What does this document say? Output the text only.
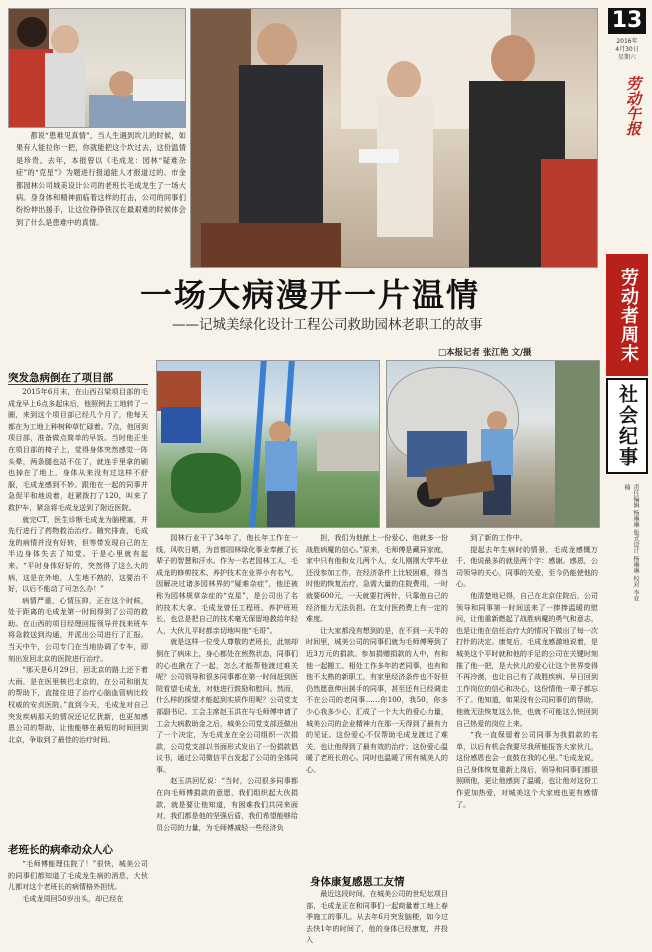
都说“患难见真情”，当人生遇到坎儿的时候，如果有人能拉你一把，你就能把这个坎过去，这份温情是珍贵。去年，本报曾以《毛成龙：园林“疑难杂症”的“克星”》为题进行报道能人才报道过的、市金都园林公司城美设计公司的老班长毛成龙生了一场大病。身身体和精神面临着这样的打击，公司的同事们纷纷伸出援手，让这位铮铮铁汉在最艰难的时候体会到了什么是患难中的真情。

13
2016年
4月30日
星期六
劳动午报
劳动者周末
社会纪事
责任编辑 杨琳琳 版式设计 杨琳琳 校对 李亚楠
一场大病漫开一片温情
——记城美绿化设计工程公司救助园林老职工的故事
□本报记者 张江艳 文/摄
突发急病倒在了项目部

2015年6月末，在山西召梁项目部的毛成龙早上6点多起床后，他照例去工地转了一圈，来到这个项目部已经几个月了，他每天都在为工地上种树种草忙碌着。7点，他回到项目部，准备做点简单的早饭。当时他正坐在项目部的椅子上，觉得身体突然感觉一阵头晕，两条腿也站不住了，就连手里拿的刷也掉在了地上，身体从来没有过这样不舒服，毛成龙感到不妙。跟他在一起的同事并急促平和地说着，赶紧拨打了120，叫来了救护车，紧急将毛成龙送到了附近医院。

就完CT，医生诊断毛成龙为脑梗塞，并先行进行了药物救治治疗。随究排查，毛成龙的病情并没有好转，但等带发现自己的左半边身体失去了知觉。于是心里就有起来。“平时身体好好的，突然得了这么大的病，这是在外地，人生地不熟的，这要治不好，以后不能动了可怎么办！”

病情严重，心情压抑，正在这个时候，处于距离的毛成龙第一时间得到了公司的救助。在山西的项目经理回报领导并找来班车将急救送到沟通，并派出公司进行了汇报。当天中午，公司专门在当地协调了专车，即刻出发回北京的医院进行治疗。

“那天是6月29日，回北京的路上还下着大雨，是在医里核巴北京的，在公司和朋友的帮助下，直接住进了治疗心脑血管病比较权威的安贞医院。”直到今天，毛成龙对自己突发疾病那天的情况还记忆犹新，也更加感恩公司的帮助，让他能够在最短的时间回到北京，争取到了最佳的治疗时间。

老班长的病牵动众人心

“毛师傅能理住院了！”很快，城美公司的同事们都知道了毛成龙生病的消息，大伙儿都对这个老班长的病情格外担忧。

毛成龙周回50岁出头，却已经在

园林行业干了34年了，他长年工作在一线，风吹日晒，为首都园林绿化事业奉献了长辈子的智慧和汗水。作为一名老园林工人，毛成龙的修剪技术、养护技术在业界小有名气，因解决过诸多园林界的“疑难杂症”，他还被称为园林规草杂症的“克星”，是公司出了名的技术大拿。毛成龙曾任工程班、养护班班长，也总是把自己的技术毫无保留地教给年轻人，大伙儿平时都亲切地叫他“毛哥”。

就是这样一位受人尊敬的老班长，此刻却倒在了病床上，身心都处在煎熬状态，同事们的心也揪在了一起，怎么才能帮他渡过难关呢？公司领导和很多同事都在第一时间赶到医院看望毛成龙，对他进行鼓励和慰问。然而，什么样的探望才能起到实质作用呢？公司党支部副书记、工会主席赵玉洪在与毛师傅申请了工会大病救助金之后，城美公司党支部还做出了一个决定，为毛成龙在全公司组织一次捐款，公司党支部以书面形式发出了一份捐款倡议书，通过公司微信平台发起了公司的全体同事。

赵玉洪回忆说：“当时，公司很多同事都在向毛师傅捐款的意愿，我们组织起大伙捐款，就是要让他知道，有困难我们共同来面对，我们都是他的坚强后盾，我们希望能够给员公司的力量，为毛师傅减轻一些经济负

担，我们为他献上一份爱心，他就多一份战胜病魔的信心。”原来，毛师傅是藏异家庭，家中只有他和女儿两个人，女儿刚刚大学毕业还没参加工作，在经济条件上比较困难，得当时他的恢复治疗，急需大量的住院费用，一时就要600元，一天就要打两针，只靠他自己的经济能力无法负担。在支付医药费上有一定的难度。

让大家都没有想到的是，在不到一天半的时间里，城美公司的同事们就为毛师傅筹到了近3万元的捐款。参加捐赠捐款的人中，有和他一起搬工、相处工作多年的老同事，也有和他不太熟的新职工，有家里经济条件也不好但仍然愿意伸出援手的同事，甚至还有已经调走不在公司的老同事……你100，我50，你多少心我多少心，汇成了一个大大的爱心力量，城美公司的企业精神力在那一天得到了最有力的见证。这份爱心不仅帮助毛成龙渡过了难关，也让他得到了最有效的治疗；这份爱心温暖了老班长的心。同时也温暖了所有城美人的心。

身体康复感恩工友情

最近这段时间，在城美公司的世纪坛项目部，毛成龙正在和同事们一起商量着工地上春季施工的事儿。从去年6月突发脑梗，如今过去快1年的时间了，他的身体已经康复，并投入

到了新的工作中。

提起去年生病时的情景，毛成龙感慨万千，他说最多的就是两个字：感谢。感恩，公司领导的关心，同事的关爱，至今仍能使他的心。

他清楚地记得，自己在北京住院后，公司领导和同事第一时间送来了一捧捧温暖的慰问，让他重新燃起了战胜病魔的勇气和意志，也是让他在信任治疗大的情况下做出了每一次打针的决定。康复后，毛成龙感激地说着，是城美这个平时就和他的手足的公司在关键时刻推了他一把，是大伙儿的爱心让这个世界变得不再冷漠，也让自己有了战胜疾病、早日回到工作岗位的信心和决心，这份情他一辈子都忘不了。他知道，如果没有公司同事们的帮助，他就无法恢复这么快，也就不可能这么快回到自己热爱的岗位上来。

“我一直保留着公司同事为我捐款的名单，以后有机会我要尽我所能报答大家伙儿，这份感恩也会一直鼓在我的心里。”毛成龙说，自己身体恢复重新上岗后，领导和同事们都很照顾他，更让他感到了温暖，也让他对这份工作更加热爱，对城美这个大家庭也更有感情了。
